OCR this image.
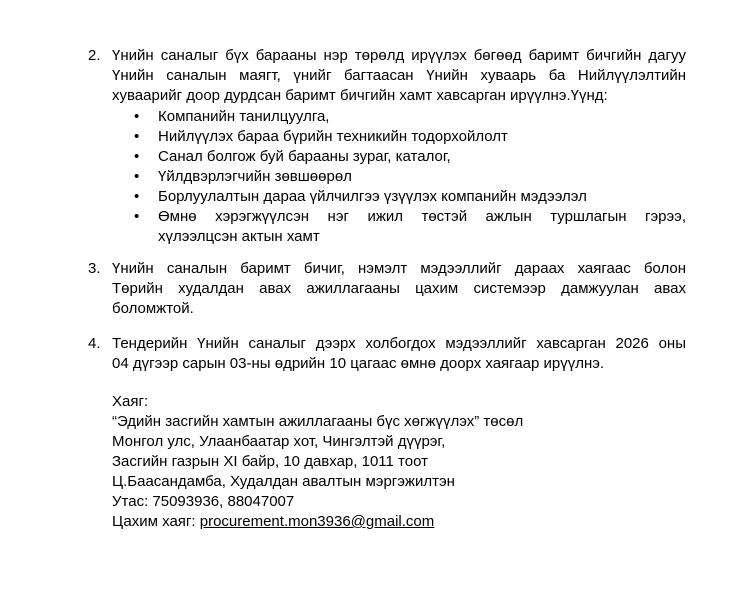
2. Үнийн саналыг бүх барааны нэр төрөлд ирүүлэх бөгөөд баримт бичгийн дагуу
Үнийн саналын маягт, үнийг багтаасан Үнийн хуваарь ба Нийлүүлэлтийн
хуваарийг доор дурдсан баримт бичгийн хамт хавсарган ирүүлнэ.Үүнд:
•	Компанийн танилцуулга,
•	Нийлүүлэх бараа бүрийн техникийн тодорхойлолт
•	Санал болгож буй барааны зураг, каталог,
•	Үйлдвэрлэгчийн зөвшөөрөл
•	Борлуулалтын дараа үйлчилгээ үзүүлэх компанийн мэдээлэл
•	Өмнө хэрэгжүүлсэн нэг ижил төстэй ажлын туршлагын гэрээ,
хүлээлцсэн актын хамт
3. Үнийн саналын баримт бичиг, нэмэлт мэдээллийг дараах хаягаас болон
Төрийн худалдан авах ажиллагааны цахим системээр дамжуулан авах
боломжтой.
4. Тендерийн Үнийн саналыг дээрх холбогдох мэдээллийг хавсарган 2026 оны
04 дүгээр сарын 03-ны өдрийн 10 цагаас өмнө доорх хаягаар ирүүлнэ.
Хаяг:
“Эдийн засгийн хамтын ажиллагааны бүс хөгжүүлэх” төсөл
Монгол улс, Улаанбаатар хот, Чингэлтэй дүүрэг,
Засгийн газрын XI байр, 10 давхар, 1011 тоот
Ц.Баасандамба, Худалдан авалтын мэргэжилтэн
Утас: 75093936, 88047007
Цахим хаяг: procurement.mon3936@gmail.com
